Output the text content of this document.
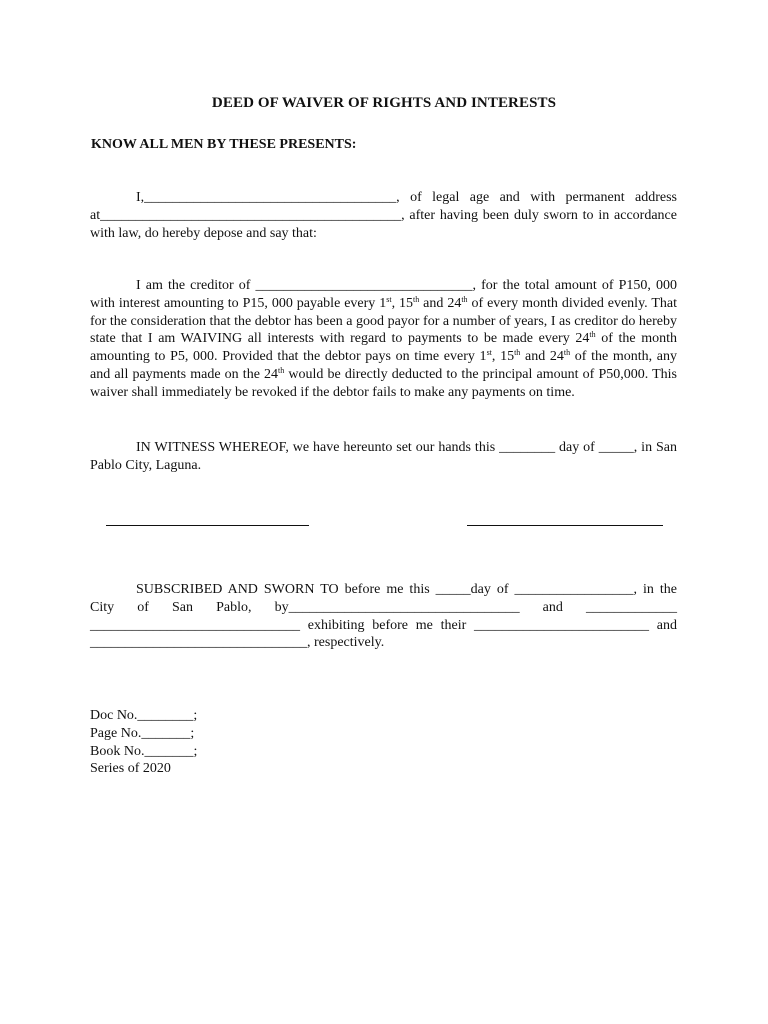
DEED OF WAIVER OF RIGHTS AND INTERESTS
KNOW ALL MEN BY THESE PRESENTS:
I,____________________________________, of legal age and with permanent address at___________________________________________, after having been duly sworn to in accordance with law, do hereby depose and say that:
I am the creditor of _______________________________, for the total amount of P150, 000 with interest amounting to P15, 000 payable every 1st, 15th and 24th of every month divided evenly. That for the consideration that the debtor has been a good payor for a number of years, I as creditor do hereby state that I am WAIVING all interests with regard to payments to be made every 24th of the month amounting to P5, 000. Provided that the debtor pays on time every 1st, 15th and 24th of the month, any and all payments made on the 24th would be directly deducted to the principal amount of P50,000. This waiver shall immediately be revoked if the debtor fails to make any payments on time.
IN WITNESS WHEREOF, we have hereunto set our hands this ________ day of _____, in San Pablo City, Laguna.
SUBSCRIBED AND SWORN TO before me this _____day of _________________, in the City of San Pablo, by_________________________________ and _____________ ______________________________ exhibiting before me their _________________________ and _______________________________, respectively.
Doc No.________;
Page No._______;
Book No._______;
Series of 2020
